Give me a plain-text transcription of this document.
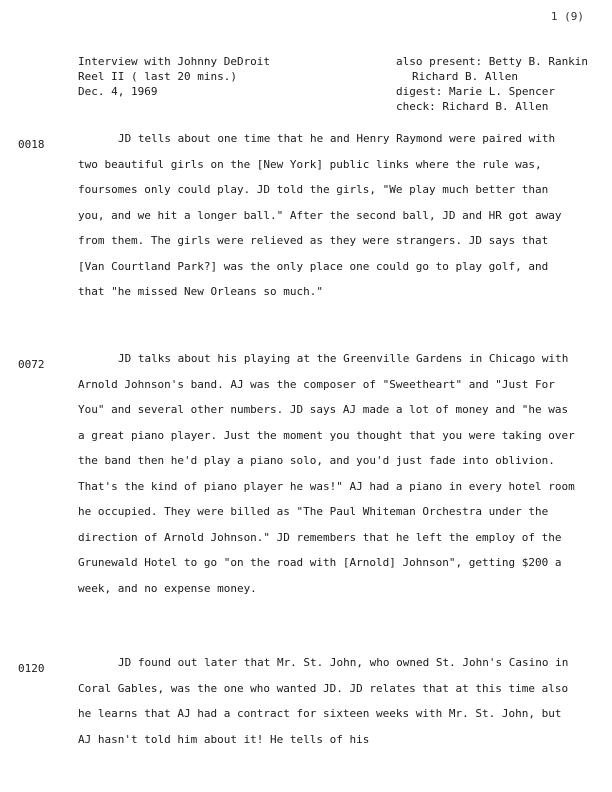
1 (9)
Interview with Johnny DeDroit
Reel II ( last 20 mins.)
Dec. 4, 1969
also present: Betty B. Rankin
Richard B. Allen
digest: Marie L. Spencer
check: Richard B. Allen
0018	JD tells about one time that he and Henry Raymond were paired with two beautiful girls on the [New York] public links where the rule was, foursomes only could play. JD told the girls, "We play much better than you, and we hit a longer ball." After the second ball, JD and HR got away from them. The girls were relieved as they were strangers. JD says that [Van Courtland Park?] was the only place one could go to play golf, and that "he missed New Orleans so much."

0072	JD talks about his playing at the Greenville Gardens in Chicago with Arnold Johnson's band. AJ was the composer of "Sweetheart" and "Just For You" and several other numbers. JD says AJ made a lot of money and "he was a great piano player. Just the moment you thought that you were taking over the band then he'd play a piano solo, and you'd just fade into oblivion. That's the kind of piano player he was!" AJ had a piano in every hotel room he occupied. They were billed as "The Paul Whiteman Orchestra under the direction of Arnold Johnson." JD remembers that he left the employ of the Grunewald Hotel to go "on the road with [Arnold] Johnson", getting $200 a week, and no expense money.

0120	JD found out later that Mr. St. John, who owned St. John's Casino in Coral Gables, was the one who wanted JD. JD relates that at this time also he learns that AJ had a contract for sixteen weeks with Mr. St. John, but AJ hasn't told him about it! He tells of his
